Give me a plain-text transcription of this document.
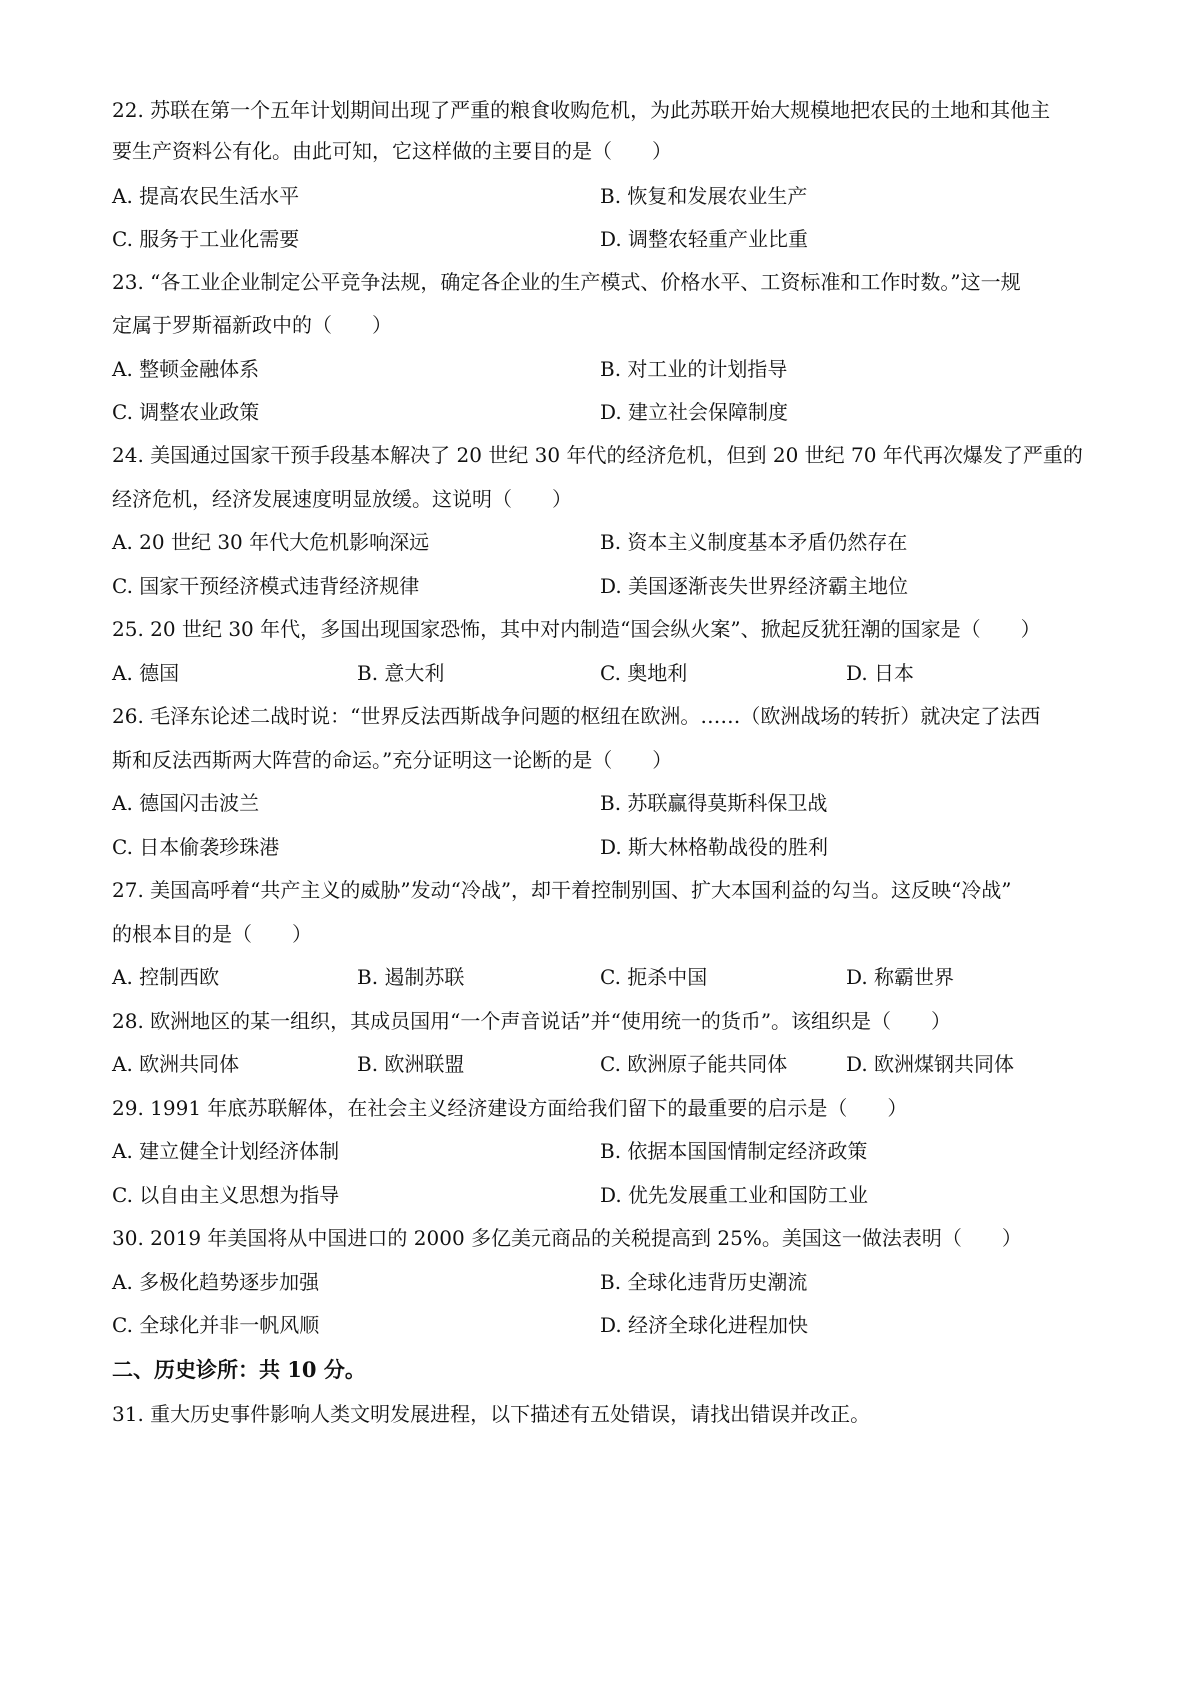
22. 苏联在第一个五年计划期间出现了严重的粮食收购危机，为此苏联开始大规模地把农民的土地和其他主
要生产资料公有化。由此可知，它这样做的主要目的是（　　）
A. 提高农民生活水平	B. 恢复和发展农业生产
C. 服务于工业化需要	D. 调整农轻重产业比重
23. “各工业企业制定公平竞争法规，确定各企业的生产模式、价格水平、工资标准和工作时数。”这一规
定属于罗斯福新政中的（　　）
A. 整顿金融体系	B. 对工业的计划指导
C. 调整农业政策	D. 建立社会保障制度
24. 美国通过国家干预手段基本解决了 20 世纪 30 年代的经济危机，但到 20 世纪 70 年代再次爆发了严重的
经济危机，经济发展速度明显放缓。这说明（　　）
A. 20 世纪 30 年代大危机影响深远	B. 资本主义制度基本矛盾仍然存在
C. 国家干预经济模式违背经济规律	D. 美国逐渐丧失世界经济霸主地位
25. 20 世纪 30 年代，多国出现国家恐怖，其中对内制造“国会纵火案”、掀起反犹狂潮的国家是（　　）
A. 德国	B. 意大利	C. 奥地利	D. 日本
26. 毛泽东论述二战时说：“世界反法西斯战争问题的枢纽在欧洲。……（欧洲战场的转折）就决定了法西
斯和反法西斯两大阵营的命运。”充分证明这一论断的是（　　）
A. 德国闪击波兰	B. 苏联赢得莫斯科保卫战
C. 日本偷袭珍珠港	D. 斯大林格勒战役的胜利
27. 美国高呼着“共产主义的威胁”发动“冷战”，却干着控制别国、扩大本国利益的勾当。这反映“冷战”
的根本目的是（　　）
A. 控制西欧	B. 遏制苏联	C. 扼杀中国	D. 称霸世界
28. 欧洲地区的某一组织，其成员国用“一个声音说话”并“使用统一的货币”。该组织是（　　）
A. 欧洲共同体	B. 欧洲联盟	C. 欧洲原子能共同体	D. 欧洲煤钢共同体
29. 1991 年底苏联解体，在社会主义经济建设方面给我们留下的最重要的启示是（　　）
A. 建立健全计划经济体制	B. 依据本国国情制定经济政策
C. 以自由主义思想为指导	D. 优先发展重工业和国防工业
30. 2019 年美国将从中国进口的 2000 多亿美元商品的关税提高到 25%。美国这一做法表明（　　）
A. 多极化趋势逐步加强	B. 全球化违背历史潮流
C. 全球化并非一帆风顺	D. 经济全球化进程加快
二、历史诊所：共 10 分。
31. 重大历史事件影响人类文明发展进程，以下描述有五处错误，请找出错误并改正。
